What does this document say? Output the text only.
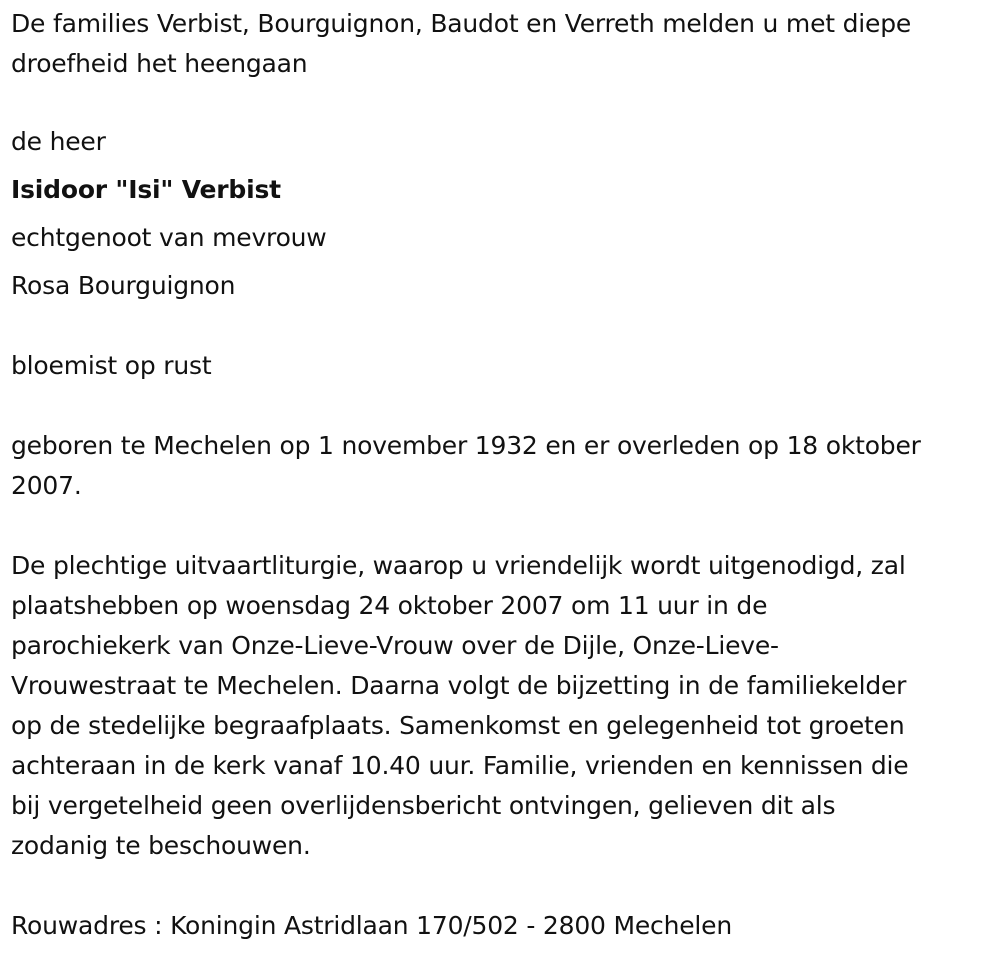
De families Verbist, Bourguignon, Baudot en Verreth melden u met diepe
droefheid het heengaan
de heer
Isidoor "Isi" Verbist
echtgenoot van mevrouw
Rosa Bourguignon
bloemist op rust
geboren te Mechelen op 1 november 1932 en er overleden op 18 oktober
2007.
De plechtige uitvaartliturgie, waarop u vriendelijk wordt uitgenodigd, zal
plaatshebben op woensdag 24 oktober 2007 om 11 uur in de
parochiekerk van Onze-Lieve-Vrouw over de Dijle, Onze-Lieve-
Vrouwestraat te Mechelen. Daarna volgt de bijzetting in de familiekelder
op de stedelijke begraafplaats. Samenkomst en gelegenheid tot groeten
achteraan in de kerk vanaf 10.40 uur. Familie, vrienden en kennissen die
bij vergetelheid geen overlijdensbericht ontvingen, gelieven dit als
zodanig te beschouwen.
Rouwadres : Koningin Astridlaan 170/502 - 2800 Mechelen
